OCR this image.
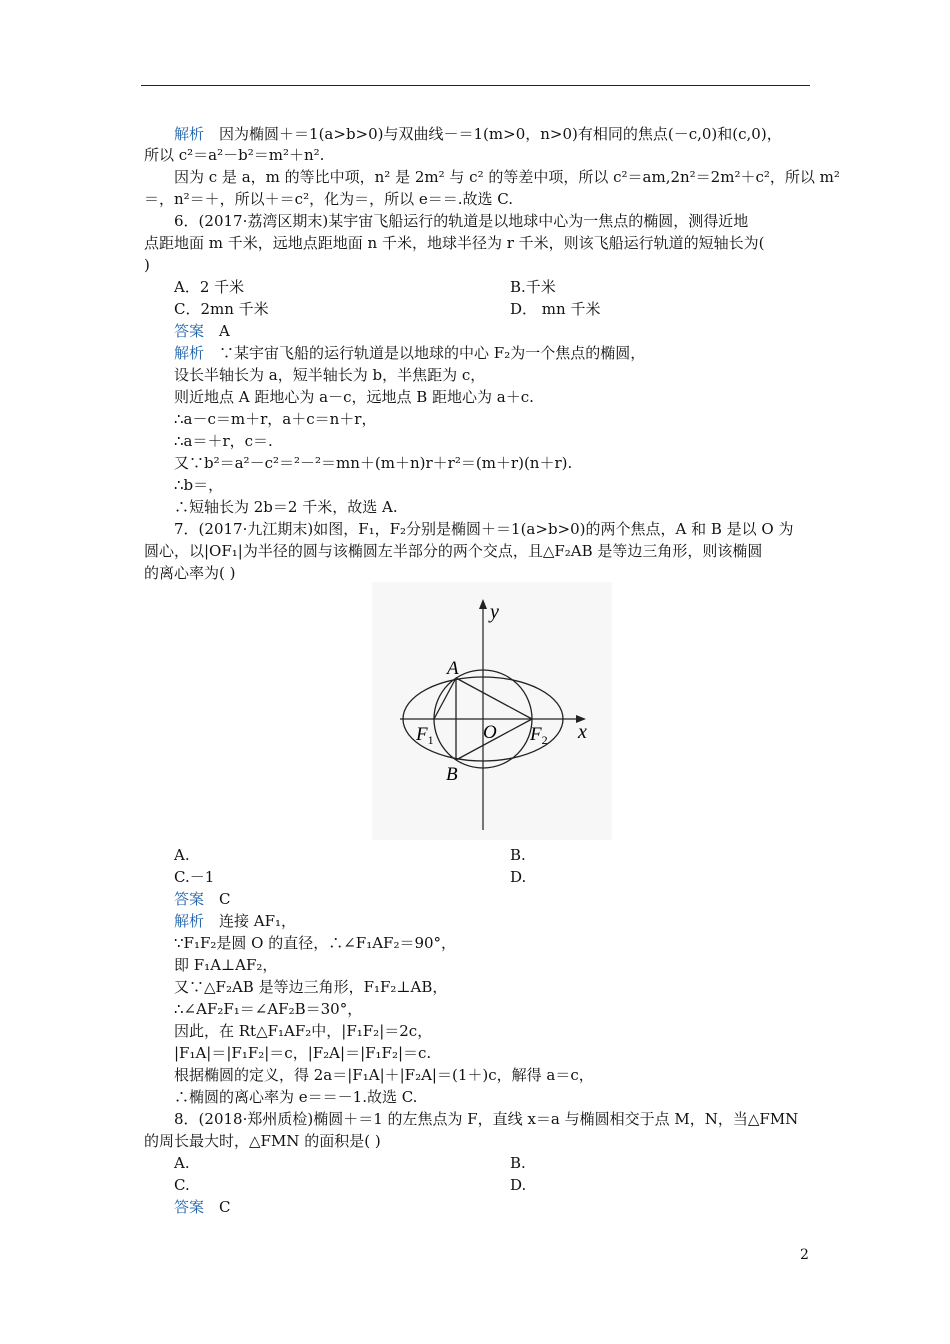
解析　 因为椭圆＋＝1(a>b>0)与双曲线－＝1(m>0，n>0)有相同的焦点(－c,0)和(c,0)，
所以 c²＝a²－b²＝m²＋n².
因为 c 是 a，m 的等比中项，n² 是 2m² 与 c² 的等差中项，所以 c²＝am,2n²＝2m²＋c²，所以 m²
＝，n²＝＋，所以＋＝c²，化为＝，所以 e＝＝.故选 C.
6．(2017·荔湾区期末)某宇宙飞船运行的轨道是以地球中心为一焦点的椭圆，测得近地
点距地面 m 千米，远地点距地面 n 千米，地球半径为 r 千米，则该飞船运行轨道的短轴长为(
)
A．2 千米	B.千米
C．2mn 千米	D． mn 千米
答案　 A
解析　 ∵某宇宙飞船的运行轨道是以地球的中心 F₂为一个焦点的椭圆，
设长半轴长为 a，短半轴长为 b，半焦距为 c，
则近地点 A 距地心为 a－c，远地点 B 距地心为 a＋c.
∴a－c＝m＋r，a＋c＝n＋r，
∴a＝＋r，c＝.
又∵b²＝a²－c²＝²－²＝mn＋(m＋n)r＋r²＝(m＋r)(n＋r).
∴b＝，
∴短轴长为 2b＝2 千米，故选 A.
7．(2017·九江期末)如图，F₁，F₂分别是椭圆＋＝1(a>b>0)的两个焦点，A 和 B 是以 O 为
圆心，以|OF₁|为半径的圆与该椭圆左半部分的两个交点，且△F₂AB 是等边三角形，则该椭圆
的离心率为( )
y
x
A
B
O
$F_1$	$F_2$
A.	B.
C.－1	D.
答案　 C
解析　 连接 AF₁，
∵F₁F₂是圆 O 的直径，∴∠F₁AF₂＝90°，
即 F₁A⊥AF₂，
又∵△F₂AB 是等边三角形，F₁F₂⊥AB，
∴∠AF₂F₁＝∠AF₂B＝30°，
因此，在 Rt△F₁AF₂中，|F₁F₂|＝2c，
|F₁A|＝|F₁F₂|＝c，|F₂A|＝|F₁F₂|＝c.
根据椭圆的定义，得 2a＝|F₁A|＋|F₂A|＝(1＋)c，解得 a＝c，
∴椭圆的离心率为 e＝＝－1.故选 C.
8．(2018·郑州质检)椭圆＋＝1 的左焦点为 F，直线 x＝a 与椭圆相交于点 M，N，当△FMN
的周长最大时，△FMN 的面积是( )
A.	B.
C.	D.
答案　 C
2
